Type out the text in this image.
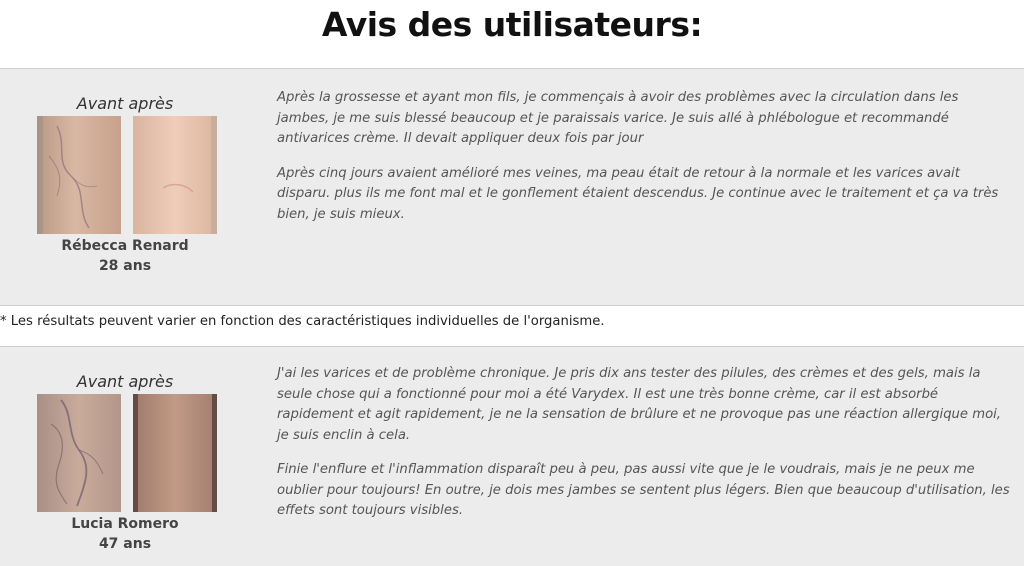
Avis des utilisateurs:
Avant après
Rébecca Renard
28 ans

Après la grossesse et ayant mon fils, je commençais à avoir des problèmes avec la circulation dans les jambes, je me suis blessé beaucoup et je paraissais varice. Je suis allé à phlébologue et recommandé antivarices crème. Il devait appliquer deux fois par jour

Après cinq jours avaient amélioré mes veines, ma peau était de retour à la normale et les varices avait disparu. plus ils me font mal et le gonflement étaient descendus. Je continue avec le traitement et ça va très bien, je suis mieux.

* Les résultats peuvent varier en fonction des caractéristiques individuelles de l'organisme.
Avant après
Lucia Romero
47 ans

J'ai les varices et de problème chronique. Je pris dix ans tester des pilules, des crèmes et des gels, mais la seule chose qui a fonctionné pour moi a été Varydex. Il est une très bonne crème, car il est absorbé rapidement et agit rapidement, je ne la sensation de brûlure et ne provoque pas une réaction allergique moi, je suis enclin à cela.

Finie l'enflure et l'inflammation disparaît peu à peu, pas aussi vite que je le voudrais, mais je ne peux me oublier pour toujours! En outre, je dois mes jambes se sentent plus légers. Bien que beaucoup d'utilisation, les effets sont toujours visibles.
